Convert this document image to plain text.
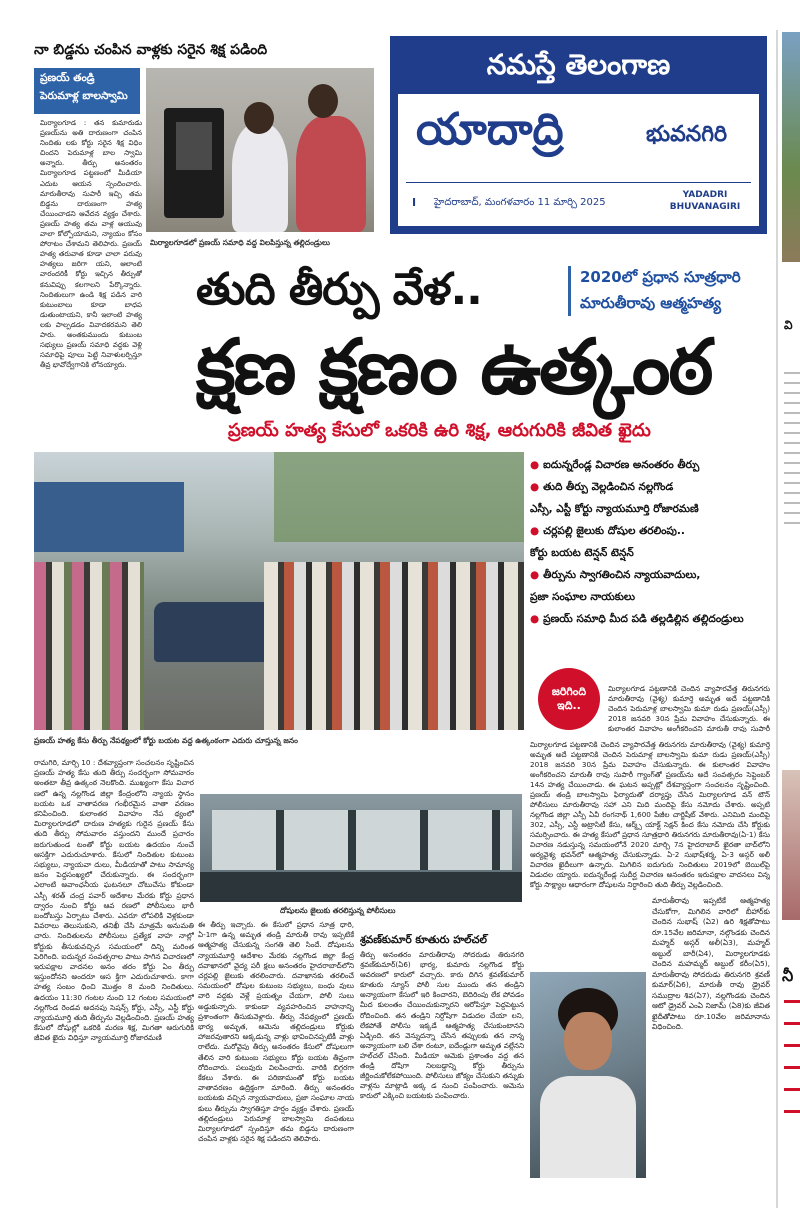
నా బిడ్డను చంపిన వాళ్లకు సరైన శిక్ష పడింది
ప్రణయ్ తండ్రి
పెరుమాళ్ల బాలస్వామి
మిర్యాలగూడ : తన కుమారుడు ప్రణయ్‌ను అతి దారుణంగా చంపిన నిందితు లకు కోర్టు సరైన శిక్ష విధిం చిందని పెరుమాళ్ల బాల స్వామి అన్నారు. తీర్పు అనంతరం మిర్యాలగూడ పట్టణంలో మీడియా ఎదుట ఆయన స్పందించారు. మారుతీరావు సుపారీ ఇచ్చి తమ బిడ్డను దారుణంగా హత్య చేయించాడని ఆవేదన వ్యక్తం చేశారు. ప్రణయ్ హత్య తమ వాళ్ల ఆయువు వాలా కోల్పోయామని, న్యాయం కోసం పోరాటం చేశామని తెలిపారు. ప్రణయ్ హత్య తరువాత కూడా చాలా పరువు హత్యలు జరిగా యని, ఆలాంటి వారందరికీ కోర్టు ఇచ్చిన తీర్పుతో కనువిప్పు కలగాలని పేర్కొన్నారు. నిందితులుగా ఉండి శిక్ష పడిన వారి కుటుంబాలు కూడా బాధప డుతుంటాయని, కానీ ఇలాంటి హత్య లకు పాల్పడడం వివాదకరమని తెలి పారు. అంతకుముందు కుటుంబ సభ్యులు ప్రణయ్ సమాధి వద్దకు వెళ్లి సమాధిపై పూలు పెట్టి నివాళులర్పిస్తూ తీవ్ర భావోద్వేగానికి లోనయ్యారు.
మిర్యాలగూడలో ప్రణయ్ సమాధి వద్ద విలపిస్తున్న తల్లిదండ్రులు
నమస్తే తెలంగాణ
యాదాద్రి	భువనగిరి
I హైదరాబాద్, మంగళవారం 11 మార్చి 2025
YADADRI
BHUVANAGIRI
తుది తీర్పు వేళ..	2020లో ప్రధాన సూత్రధారి
మారుతీరావు ఆత్మహత్య
క్షణ క్షణం ఉత్కంఠ
ప్రణయ్ హత్య కేసులో ఒకరికి ఉరి శిక్ష, ఆరుగురికి జీవిత ఖైదు
ప్రణయ్ హత్య కేసు తీర్పు నేపథ్యంలో కోర్టు బయట వద్ద ఉత్కంఠంగా ఎదురు చూస్తున్న జనం
● ఐదున్నరేండ్ల విచారణ అనంతరం తీర్పు
● తుది తీర్పు వెల్లడించిన నల్లగొండ
ఎస్సీ, ఎస్టీ కోర్టు న్యాయమూర్తి రోజారమణి
● చర్లపల్లి జైలుకు దోషుల తరలింపు..
కోర్టు బయట టెన్షన్ టెన్షన్
● తీర్పును స్వాగతించిన న్యాయవాదులు,
ప్రజా సంఘాల నాయకులు
● ప్రణయ్ సమాధి మీద పడి తల్లడిల్లిన తల్లిదండ్రులు
జరిగింది ఇది..
మిర్యాలగూడ పట్టణానికి చెందిన వ్యాపారవేత్త తిరునగరు మారుతీరావు (వైశ్య) కుమార్తె అమృత అదే పట్టణానికి చెందిన పెరుమాళ్ల బాలస్వామి కుమా రుడు ప్రణయ్(ఎస్సీ) 2018 జనవరి 30న ప్రేమ వివాహం చేసుకున్నారు. ఈ కులాంతర వివాహం అంగీకరించని మారుతీ రావు సుపారీ
మిర్యాలగూడ పట్టణానికి చెందిన వ్యాపారవేత్త తిరునగరు మారుతీరావు (వైశ్య) కుమార్తె అమృత అదే పట్టణానికి చెందిన పెరుమాళ్ల బాలస్వామి కుమా రుడు ప్రణయ్(ఎస్సీ) 2018 జనవరి 30న ప్రేమ వివాహం చేసుకున్నారు. ఈ కులాంతర వివాహం అంగీకరించని మారుతీ రావు సుపారీ గ్యాంగ్‌తో ప్రణయ్‌ను అదే సంవత్సరం సెప్టెంబర్ 14న హత్య చేయించాడు. ఈ ఘటన అప్పట్లో దేశవ్యాప్తంగా సంచలనం సృష్టించింది. ప్రణయ్ తండ్రి బాలస్వామి ఫిర్యాదుతో దర్యాప్తు చేసిన మిర్యాలగూడ వన్ టౌన్ పోలీసులు మారుతీరావు సహా ఎని మిది మందిపై కేసు నమోదు చేశారు. అప్పటి నల్లగొండ జిల్లా ఎస్పీ ఏవీ రంగనాథ్ 1,600 పేజీల చార్జిషీట్ వేశారు. ఎనిమిది మందిపై 302, ఎస్సీ, ఎస్టీ అట్రాసిటీ కేసు, ఆర్మ్స్ యాక్ట్ సెక్షన్ కింద కేసు నమోదు చేసి కోర్టుకు సమర్పించారు. ఈ హత్య కేసులో ప్రధాన సూత్రధారి తిరునగరు మారుతీరావు(ఏ-1) కేసు విచారణ నడుస్తున్న సమయంలోనే 2020 మార్చి 7న హైదరాబాద్ ఖైరతా బాద్‌లోని ఆర్యవైశ్య భవన్‌లో ఆత్మహత్య చేసుకున్నాడు. ఏ-2 సుభాష్‌శర్మ, ఏ-3 అస్గర్ అలీ విచారణ ఖైదీలుగా ఉన్నారు. మిగిలిన ఐదుగురు నిందితులు 2019లో బెయిల్‌పై విడుదల య్యారు. ఐదున్నరేండ్ల సుదీర్ఘ విచారణ అనంతరం ఇరుపక్షాల వాదనలు విన్న కోర్టు సాక్ష్యాల ఆధారంగా దోషులను నిర్ధారించి తుది తీర్పు వెల్లడించింది.
మారుతీరావు ఇప్పటికే ఆత్మహత్య చేసుకోగా, మిగిలిన వారిలో బీహార్‌కు చెందిన సుభాష్ (ఏ2) ఉరి శిక్షతోపాటు రూ.15వేల జరిమానా, నల్గొండకు చెందిన మహ్మద్ అస్గర్ అలీ(ఏ3), మహ్మద్ అబ్దుల్ బారీ(ఏ4), మిర్యాలగూడకు చెందిన మహమ్మద్ అబ్దుల్ కరీం(ఏ5), మారుతీరావు సోదరుడు తిరునగరి శ్రవణ్ కుమార్(ఏ6), మారుతీ రావు డ్రైవర్ సముద్రాల శివ(ఏ7), నల్లగొండకు చెందిన ఆటో డ్రైవర్ ఎంఏ నిజామ్ (ఏ8)కు జీవిత ఖైదీతోపాటు రూ.10వేల జరిమానాను విధించింది.
రామగిరి, మార్చి 10 : దేశవ్యాప్తంగా సంచలనం సృష్టించిన ప్రణయ్ హత్య కేసు తుది తీర్పు సందర్భంగా సోమవారం అంతటా తీవ్ర ఉత్కంఠ నెలకొంది. ముఖ్యంగా కేసు విచార ణలో ఉన్న నల్లగొండ జిల్లా కేంద్రంలోని న్యాయ స్థానం బయట ఒక వాతావరణ గంభీరమైన వాతా వరణం కనిపించింది. కులాంతర వివాహం నేప థ్యంలో మిర్యాలగూడలో దారుణ హత్యకు గురైన ప్రణయ్ కేసు తుది తీర్పు సోమవారం వస్తుందని ముందే ప్రచారం జరుగుతుండ టంతో కోర్టు బయట ఉదయం నుంచే ఆసక్తిగా ఎదురుచూశారు. కేసులో నిందితుల కుటుంబ సభ్యులు, న్యాయవా దులు, మీడియాతో పాటు సామాన్య జనం పెద్దసంఖ్యలో చేరుకున్నారు. ఈ సందర్భంగా ఎలాంటి అవాంఛనీయ ఘటనలూ చోటుచేసు కోకుండా ఎస్పీ శరత్ చంద్ర పవార్ ఆదేశాల మేరకు కోర్టు ప్రధాన ద్వారం నుంచి కోర్టు ఆవ రణలో పోలీసులు భారీ బందోబస్తు ఏర్పాటు చేశారు. ఎవరూ లోపలికి వెళ్లకుండా వివరాలు తెలుసుకుని, తనిఖీ చేసి మాత్రమే అనుమతి చారు. నిందితులను పోలీసులు ప్రత్యేక వాహ నాల్లో కోర్టుకు తీసుకువచ్చిన సమయంలో దిన్ని మరింత పెరిగింది. ఐదున్నర సంవత్సరాల పాటు సాగిన విచారణలో ఇరుపక్షాల వాదనల అనం తరం కోర్టు ఏం తీర్పు ఇస్తుందోనని అందరూ ఆస క్తిగా ఎదురుచూశారు. కాగా హత్య సంబం ధించి మొత్తం 8 మంది నిందితులు. ఉదయం 11:30 గంటల నుంచి 12 గంటల సమయంలో నల్లగొండ రెండవ అదనపు సెషన్స్ కోర్టు, ఎస్సీ, ఎస్టీ కోర్టు న్యాయమూర్తి తుది తీర్పును వెల్లడించింది. ప్రణయ్ హత్య కేసులో దోషుల్లో ఒకరికి మరణ శిక్ష, మిగతా ఆరుగురికి జీవిత ఖైదు విధిస్తూ న్యాయమూర్తి రోజారమణి
దోషులను జైలుకు తరలిస్తున్న పోలీసులు
ఈ తీర్పు ఇచ్చారు. ఈ కేసులో ప్రధాన సూత్ర ధారి, ఏ-1గా ఉన్న అమృత తండ్రి మారుతీ రావు ఇప్పటికే ఆత్మహత్య చేసుకున్న సంగతి తెలి సిందే. దోషులను న్యాయమూర్తి ఆదేశాల మేరకు నల్లగొండ జిల్లా కేంద్ర దవాఖానలో వైద్య పరీ క్షలు అనంతరం హైదరాబాద్‌లోని చర్లపల్లి జైలుకు తరలించారు. దవాఖానకు తరలించే సమయంలో దోషుల కుటుంబ సభ్యులు, బంధు వులు వారి వద్దకు వెళ్లే ప్రయత్నం చేయగా, పోలీ సులు అడ్డుకున్నారు. కాకుండా వ్యవహరించిన వాహనాన్ని ప్రశాంతంగా తీసుకువెళ్లారు. తీర్పు నేపథ్యంలో ప్రణయ్ భార్య అమృత, ఆమెను తల్లిదండ్రులు కోర్టుకు హాజరవుతారని అక్కడున్న వాళ్లు భావించినప్పటికీ వాళ్లు రాలేదు. మరోవైపు తీర్పు అనంతరం కేసులో దోషులుగా తేలిన వారి కుటుంబ సభ్యులు కోర్టు బయట తీవ్రంగా రోదించారు. పలువురు విలపించారు. వారికి బిగ్గరగా కేకలు వేశారు. ఈ పరిణామంతో కోర్టు బయట వాతావరణం ఉద్రిక్తంగా మారింది. తీర్పు అనంతరం బయటకు వచ్చిన న్యాయవాదులు, ప్రజా సంఘాల నాయ కులు తీర్పును స్వాగతిస్తూ హర్షం వ్యక్తం చేశారు. ప్రణయ్ తల్లిదండ్రులు పెరుమాళ్ల బాలస్వామి దంపతులు మిర్యాలగూడలో స్పందిస్తూ తమ బిడ్డను దారుణంగా చంపిన వాళ్లకు సరైన శిక్ష పడిందని తెలిపారు.
శ్రవణ్‌కుమార్ కూతురు హల్‌చల్
తీర్పు అనంతరం మారుతీరావు సోదరుడు తిరునగరి శ్రవణ్‌కుమార్(ఏ6) భార్య, కుమారు నల్లగొండ కోర్టు ఆవరణలో కారులో వచ్చారు. కారు దిగిన శ్రవణ్‌కుమార్ కూతురు న్యూస్ పోలీ సుల ముందు తన తండ్రిని అన్యాయంగా కేసులో ఇరి కించారని, బెదిరింపు లేక పోవడం మీద కులంతం చేయించుకున్నారని ఆరోపిస్తూ పెద్దపెట్టున రోదించింది. తన తండ్రిని నిర్దోషిగా విడుదల చేయా లని, లేకపోతే పోలీసు ఇక్కడే ఆత్మహత్య చేసుకుంటానని ఏడ్చింది. తన వెన్నుదన్నా చేసిన తప్పులకు తన నాన్న అన్యాయంగా బలి చేశా రంటూ, ఐదేండ్లుగా అమృత వల్లేనని హల్‌చల్ చేసింది. మీడియా ఆమెకు ప్రశాంతం వద్ద తన తండ్రి దోషిగా నిలబడ్డాన్ని కోర్టు తీర్పును జీర్ణించుకోలేకపోయింది. పోలీసులు జోక్యం చేసుకుని తన్నుకు వాళ్లను మాట్లాడి అక్క డ నుంచి పంపించారు. ఆమెను కారులో ఎక్కించి బయటకు పంపించారు.
వి
నీ
